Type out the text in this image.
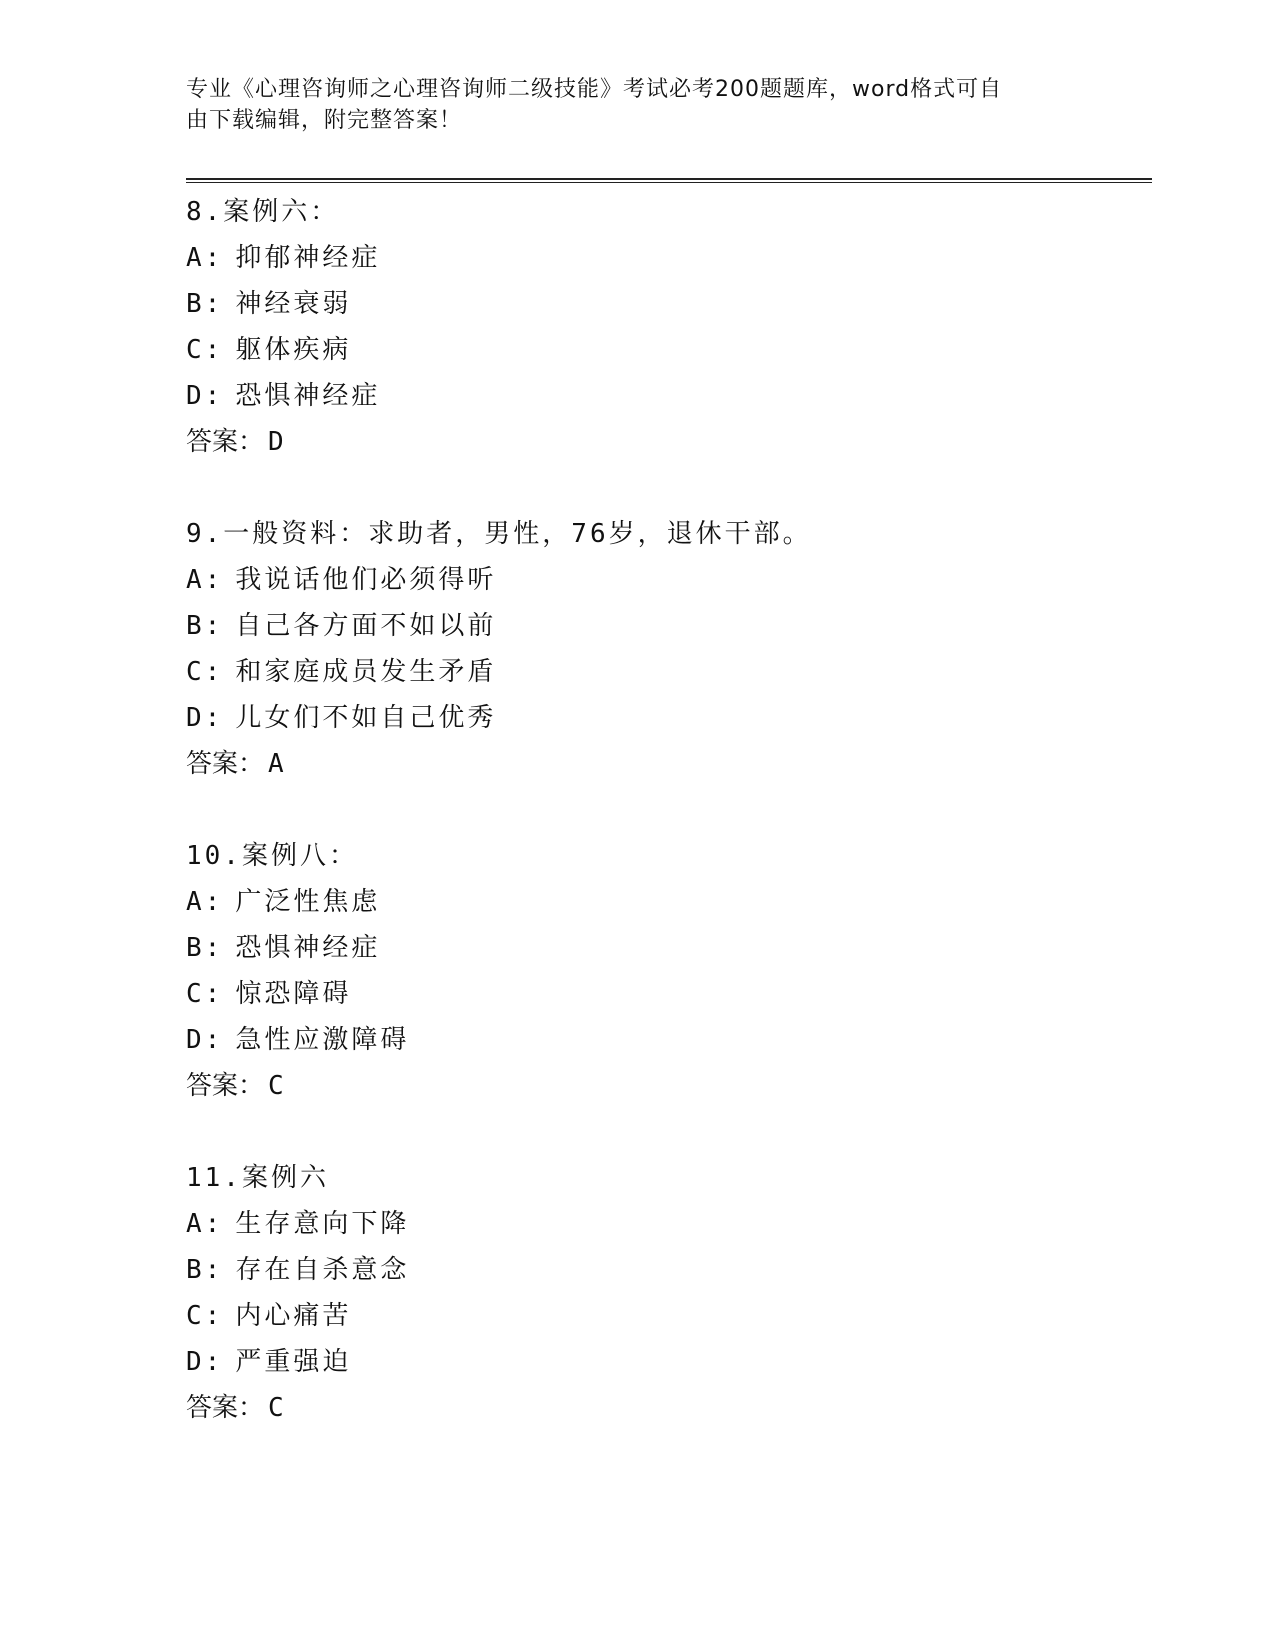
专业《心理咨询师之心理咨询师二级技能》考试必考200题题库，word格式可自
由下载编辑，附完整答案！
8.案例六：
A: 抑郁神经症
B: 神经衰弱
C: 躯体疾病
D: 恐惧神经症
答案： D
9.一般资料：求助者，男性，76岁，退休干部。
A: 我说话他们必须得听
B: 自己各方面不如以前
C: 和家庭成员发生矛盾
D: 儿女们不如自己优秀
答案： A
10.案例八：
A: 广泛性焦虑
B: 恐惧神经症
C: 惊恐障碍
D: 急性应激障碍
答案： C
11.案例六
A: 生存意向下降
B: 存在自杀意念
C: 内心痛苦
D: 严重强迫
答案： C
